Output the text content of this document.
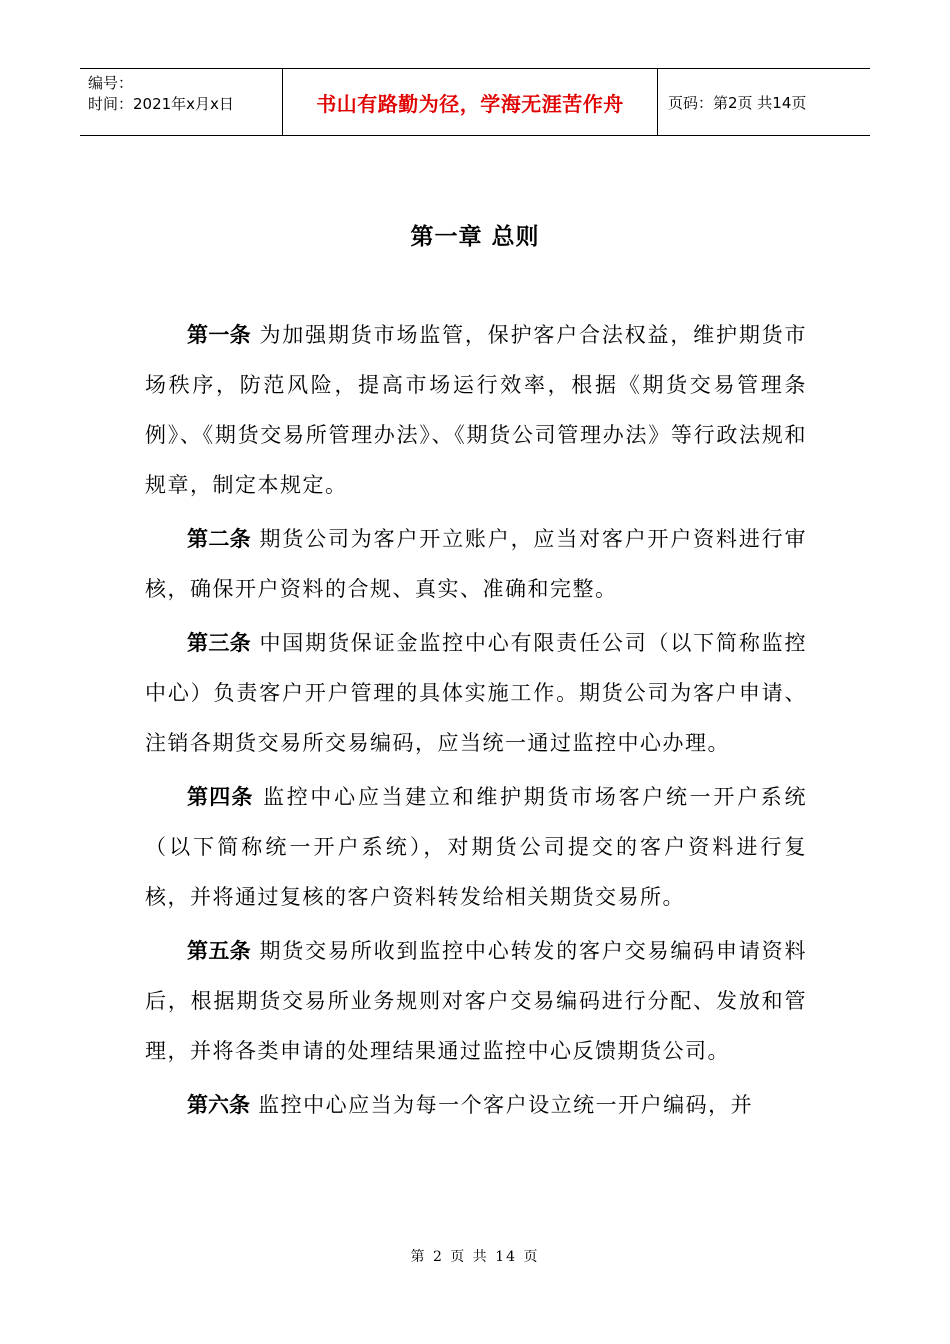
编号：
时间：2021年x月x日	书山有路勤为径，学海无涯苦作舟	页码：第2页 共14页
第一章 总则

第一条 为加强期货市场监管，保护客户合法权益，维护期货市场秩序，防范风险，提高市场运行效率，根据《期货交易管理条例》、《期货交易所管理办法》、《期货公司管理办法》等行政法规和规章，制定本规定。

第二条 期货公司为客户开立账户，应当对客户开户资料进行审核，确保开户资料的合规、真实、准确和完整。

第三条 中国期货保证金监控中心有限责任公司（以下简称监控中心）负责客户开户管理的具体实施工作。期货公司为客户申请、注销各期货交易所交易编码，应当统一通过监控中心办理。

第四条 监控中心应当建立和维护期货市场客户统一开户系统（以下简称统一开户系统），对期货公司提交的客户资料进行复核，并将通过复核的客户资料转发给相关期货交易所。

第五条 期货交易所收到监控中心转发的客户交易编码申请资料后，根据期货交易所业务规则对客户交易编码进行分配、发放和管理，并将各类申请的处理结果通过监控中心反馈期货公司。

第六条 监控中心应当为每一个客户设立统一开户编码，并

第 2 页 共 14 页
